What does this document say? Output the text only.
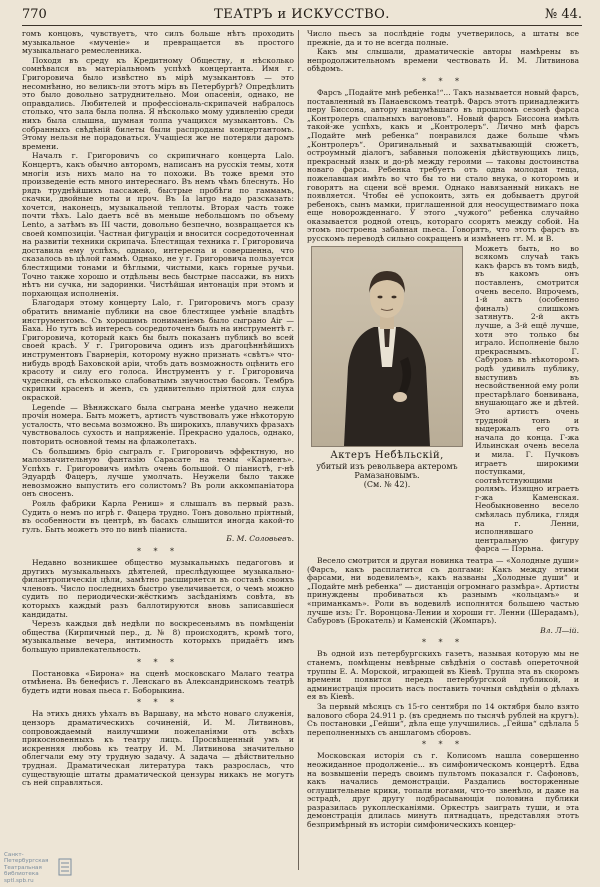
770	ТЕАТРЪ и ИСКУССТВО.	№ 44.

гомъ концовъ, чувствуетъ, что силъ больше нѣтъ проходить музыкальное «мученіе» и превращается въ простого музыкальнаго ремесленника.

Походя въ среду къ Кредитному Обществу, я нѣсколько сомнѣвался въ матеріальномъ успѣхѣ концертанта. Имя г. Григоровича было извѣстно въ мірѣ музыкантовъ — это несомнѣнно, но великъ-ли этотъ міръ въ Петербургѣ? Опредѣлить это было довольно затруднительно. Мои опасенія, однако, не оправдались. Любителей и профессіональ-скрипачей набралось столько, что зала была полна. Я нѣсколько мому удивленію среди нихъ была слышна, шумная толпа учащихся музыкантовъ. Съ собранныхъ свѣдѣній билеты были распроданы концертантомъ. Этому нельзя не порадоваться. Учащіеся же не потеряли даромъ времени.

Началъ г. Григоровичъ со скрипичнаго концерта Lalo. Концертъ, какъ обычно авторомъ, написанъ на русскія темы, хотя многія изъ нихъ мало на то похожи. Въ тоже время это произведеніе есть много интереснаго. Въ немъ чѣмъ блеснуть. Но рядъ труднѣйшихъ пассажей, быстрые пробѣги по гаммамъ, скачки, двойные ноты и проч. Въ Ia largo надо разсказать: хочется, наконецъ, музыкальной теплоты. Вторая часть тоже почти тѣхъ. Lalo даетъ всё въ меньше небольшомъ по объему Lento, а затѣмъ въ III части, довольно безпечно, возвращается къ своей композиціи. Частная фигурація и вносится сосредоточенная на развитіи техники скрипача. Блестящая техника г. Григоровича доставила ему успѣхъ, однако, интересна и совершенна, что сказалось въ цѣлой гаммѣ. Однако, не у г. Григоровича пользуется блестящими тонами и бѣглыми, чистыми, какъ горные ручьи. Точно также хорошо и отдѣльны весь быстрые пассажи, въ нихъ нѣтъ ни сучка, ни задоринки. Чистѣйшая интонація при этомъ и порхающая исполненія.

Благодаря этому концерту Lalo, г. Григоровичъ могъ сразу обратить вниманіе публики на свое блестящее умѣніе владѣть инструментомъ. Съ хорошимъ пониманіемъ было сыграно Air — Баха. Но тутъ всѣ интересъ сосредоточенъ былъ на инструментѣ г. Григоровича, который какъ бы былъ показанъ публикѣ во всей своей красѣ. У г. Григоровича одинъ изъ драгоцѣннѣйшихъ инструментовъ Гварнерія, которому нужно признать «свѣтъ» что-нибудь вродѣ Баховской аріи, чтобъ дать возможность оцѣнить его красоту и силу его голоса. Инструментъ у г. Григоровича чудесный, съ нѣсколько слабоватымъ звучностью басовъ. Тембръ скрипки красенъ и женъ, съ удивительно пріятной для слуха окраской.

Legende — Вѣняжскаго была сыграна менѣе удачно нежели прочія номера. Быть можетъ, артистъ чувствовалъ уже нѣкоторую усталость, что весьма возможно. Въ широкихъ, плавучихъ фразахъ чувствовалось сухость и напряженіе. Прекрасно удалось, однако, повторить основной темы на флажолетахъ.

Съ большимъ бріо сыгралъ г. Григоровичъ эффектную, но малозначительную фантазію Сарасате на темы «Карменъ». Успѣхъ г. Григоровичъ имѣлъ очень большой. О піанистѣ, г-нѣ Эдуардѣ Фацеръ, лучше умолчать. Неужели было также невозможно выпустить его солистомъ? Въ роли аккомпаніатора онъ сносенъ.

Рояль фабрики Карла Рениш» я слышалъ въ первый разъ. Судить о немъ по игрѣ г. Фацера трудно. Тонъ довольно пріятный, въ особенности въ центрѣ, въ басахъ слышится иногда какой-то гулъ. Быть можетъ это по винѣ піаниста.

Б. М. Соловьевъ.

* * *

Недавно возникшее общество музыкальныхъ педагоговъ и другихъ музыкальныхъ дѣятелей, преслѣдующее музыкально-филантропическія цѣли, замѣтно расширяется въ составѣ своихъ членовъ. Число последнихъ быстро увеличивается, о чемъ можно судить по периодически-жёсткимъ засѣданіямъ совѣта, въ которыхъ каждый разъ баллотируются вновь записавшіеся кандидаты.

Черезъ каждыя двѣ недѣли по воскресеньямъ въ помѣщеніи общества (Кирпичный пер., д. № 8) происходятъ, кромѣ того, музыкальные вечера, интимность которыхъ придаётъ имъ большую привлекательность.

* * *

Постановка «Бирона» на сценѣ московскаго Малаго театра отмѣнена. Въ бенефисъ г. Ленскаго въ Александринскомъ театрѣ будетъ идти новая пьеса г. Боборыкина.

* * *

На этихъ дняхъ уѣхалъ въ Варшаву, на мѣсто новаго служенія, цензоръ драматическихъ сочиненій, И. М. Литвиновъ, сопровождаемый наилучшими пожеланіями отъ всѣхъ прикосновенныхъ къ театру лицъ. Просвѣщенный умъ и искренняя любовь къ театру И. М. Литвинова значительно облегчали ему эту трудную задачу. А задача — дѣйствительно трудная. Драматическая литература такъ разрослась, что существующіе штаты драматической цензуры никакъ не могутъ съ ней справляться.

Число пьесъ за послѣдніе годы учетверилось, а штаты все прежніе, да и то не всегда полные.

Какъ мы слышали, драматическіе авторы намѣрены въ непродолжительномъ времени чествовать И. М. Литвинова обѣдомъ.

* * *

Фарсъ „Подайте мнѣ ребенка!“... Такъ называется новый фарсъ, поставленный въ Панаевскомъ театрѣ. Фарсъ этотъ принадлежитъ перу Биссона, автору нашумѣвшаго въ прошломъ сезонѣ фарса „Контролеръ спальныхъ вагоновъ“. Новый фарсъ Биссона имѣлъ такой-же успѣхъ, какъ и „Контролеръ“. Лично мнѣ фарсъ „Подайте мнѣ ребенка“ понравился даже больше чѣмъ „Контролеръ“. Оригинальный и захватывающій сюжетъ, остроумный діалогъ, забавныя положенія дѣйствующихъ лицъ, прекрасный язык и до-рѣ между героями — таковы достоинства новаго фарса. Ребенка требуетъ отъ одна молодая теща, пожелавшая имѣть во что бы то ни стало внука, о которомъ и говорятъ на сцени всё время. Однако навязанный никакъ не появляется. Чтобы её успокоить, зять ея добываетъ другой ребенокъ, сынъ мамки, приглашенной для неосуществимаго пока еще новорожденнаго. У этого „чужого“ ребенка случайно оказывается родной отецъ, котораго ссорятъ между собой. На этомъ построена забавная пьеса. Говорятъ, что этотъ фарсъ въ русскомъ переводѣ сильно сокращенъ и измѣненъ гг. М. и В.

Можетъ быть, но во всякомъ случаѣ такъ какъ фарсъ въ томъ видѣ, въ какомъ онъ поставленъ, смотрится очень весело. Впрочемъ, 1-й актъ (особенно финалъ) слишкомъ затянутъ. 2-й актъ лучше, а 3-й ещё лучше, хотя это только бы играло. Исполненіе было прекраснымъ. Г. Сабуровъ въ нѣкоторомъ родѣ удивилъ публику, выступивъ въ несвойственной ему роли престарѣлаго бонвивана, внушающаго же и дѣтей. Это артистъ очень трудной тонъ и выдержалъ его отъ начала до конца. Г-жа Ильинская очень весела и мила. Г. Пучковъ играетъ широкими поступками, соотвѣтствующими ролямъ. Изящно играетъ г-жа Каменская. Необыкновенно весело смѣялась публика, глядя на г. Ленни, исполнявшаго центральную фигуру фарса — Пэрьна.

Актеръ Небѣльскій,
убитый изъ револьвера актеромъ
Рамазановымъ.
(См. № 42).

Весело смотрится и другая новинка театра — «Холодные души» (Фарсъ, какъ расплатится съ долгами: Какъ между этими фарсами, ни водевилемъ», какъ названы „Холодные души“ и „Подайте мнѣ ребенка“ — дистанція огромнаго размѣра». Артисты принуждены пробиваться къ разнымъ «кольцамъ» и «приманкамъ». Роли въ водевилѣ исполнятся большею частью лучше изъ: Гг. Воронцова-Лении и хороши гг. Ленни (Шерадамъ), Сабуровъ (Брокатель) и Каменскій (Жомпаръ).

Вл. Л—ій.

* * *

Въ одной изъ петербургскихъ газетъ, называя которую мы не станемъ, помѣщены невѣрные свѣдѣнія о составѣ опереточной труппы Е. А. Морской, играющей въ Кіевѣ. Труппа эта въ скоромъ времени появится передъ петербургской публикой, и администрація просить насъ поставить точныя свѣдѣнія о дѣлахъ ея въ Кіевѣ.

За первый мѣсяцъ съ 15-го сентября по 14 октября было взято валового сбора 24.911 р. (въ среднемъ по тысячѣ рублей на кругъ). Съ постановки „Гейши“, дѣла еще улучшились. „Гейша“ сдѣлала 5 переполненныхъ съ аншлагомъ сборовъ.

* * *

Московская исторія съ г. Колисомъ нашла совершенно неожиданное продолженіе... въ симфоническомъ концертѣ. Едва на возвышеніи передъ своимъ пультомъ показался г. Сафоновъ, какъ начались демонстраціи. Раздались восторженные оглушительные крики, топали ногами, что-то звенѣло, и даже на эстрадѣ, друг другу подбрасывающія половина публики разразилась рукоплесканіями. Оркестръ заиграть туши, и эта демонстрація длилась минутъ пятнадцать, представляя этотъ безпримѣрный въ исторіи симфоническихъ концер-

Санкт-Петербургская
Театральная
библиотека
sptl.spb.ru
